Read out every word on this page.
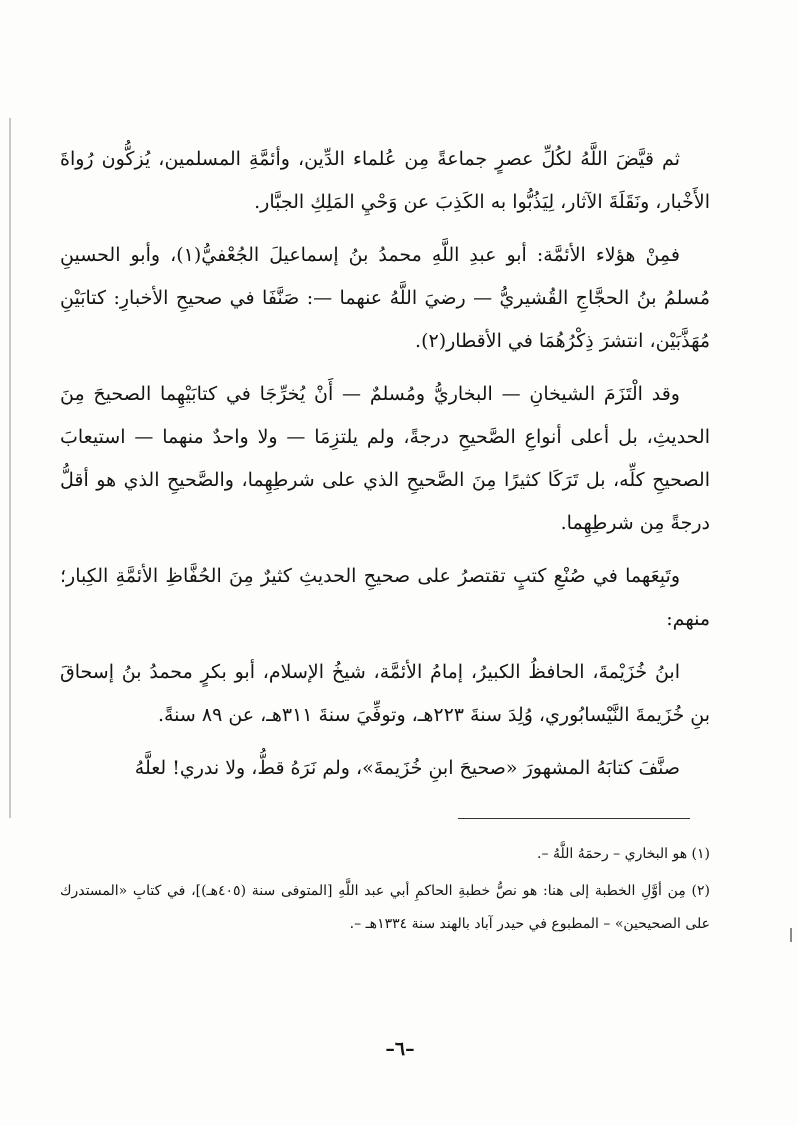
ثم قيَّضَ اللَّهُ لكُلِّ عصرٍ جماعةً مِن عُلماء الدِّين، وأئمَّةِ المسلمين، يُزكُّون رُواةَ الأَخْبار، ونَقَلَةَ الآثار، لِيَذُبُّوا به الكَذِبَ عن وَحْيِ المَلِكِ الجبَّار.

فمِنْ هؤلاء الأئمَّة: أبو عبدِ اللَّهِ محمدُ بنُ إسماعيلَ الجُعْفيُّ(١)، وأبو الحسينِ مُسلمُ بنُ الحجَّاجِ القُشيريُّ — رضيَ اللَّهُ عنهما —: صَنَّفَا في صحيحِ الأخبارِ: كتابَيْنِ مُهَذَّبَيْن، انتشرَ ذِكْرُهُمَا في الأقطار(٢).

وقد الْتَزَمَ الشيخانِ — البخاريُّ ومُسلمٌ — أَنْ يُخرِّجَا في كتابَيْهِما الصحيحَ مِنَ الحديثِ، بل أعلى أنواعِ الصَّحيحِ درجةً، ولم يلتزِمَا — ولا واحدٌ منهما — استيعابَ الصحيحِ كلِّه، بل تَرَكَا كثيرًا مِنَ الصَّحيحِ الذي على شرطِهِما، والصَّحيحِ الذي هو أقلُّ درجةً مِن شرطِهِما.

وتَبِعَهما في صُنْعِ كتبٍ تقتصرُ على صحيحِ الحديثِ كثيرٌ مِنَ الحُفَّاظِ الأئمَّةِ الكِبار؛ منهم:

ابنُ خُزَيْمةَ، الحافظُ الكبيرُ، إمامُ الأئمَّة، شيخُ الإسلام، أبو بكرٍ محمدُ بنُ إسحاقَ بنِ خُزَيمةَ النَّيْسابُوري، وُلِدَ سنةَ ٢٢٣هـ، وتوفِّيَ سنةَ ٣١١هـ، عن ٨٩ سنةً.

صنَّفَ كتابَهُ المشهورَ «صحيحَ ابنِ خُزَيمةَ»، ولم نَرَهُ قطُّ، ولا ندري! لعلَّهُ

(١) هو البخاري – رحمَهُ اللَّهُ –.

(٢) مِن أوَّلِ الخطبة إلى هنا: هو نصُّ خطبةِ الحاكمِ أبي عبد اللَّهِ [المتوفى سنة (٤٠٥هـ)]، في كتابِ «المستدرك على الصحيحين» – المطبوع في حيدر آباد بالهند سنة ١٣٣٤هـ –.

–٦–
